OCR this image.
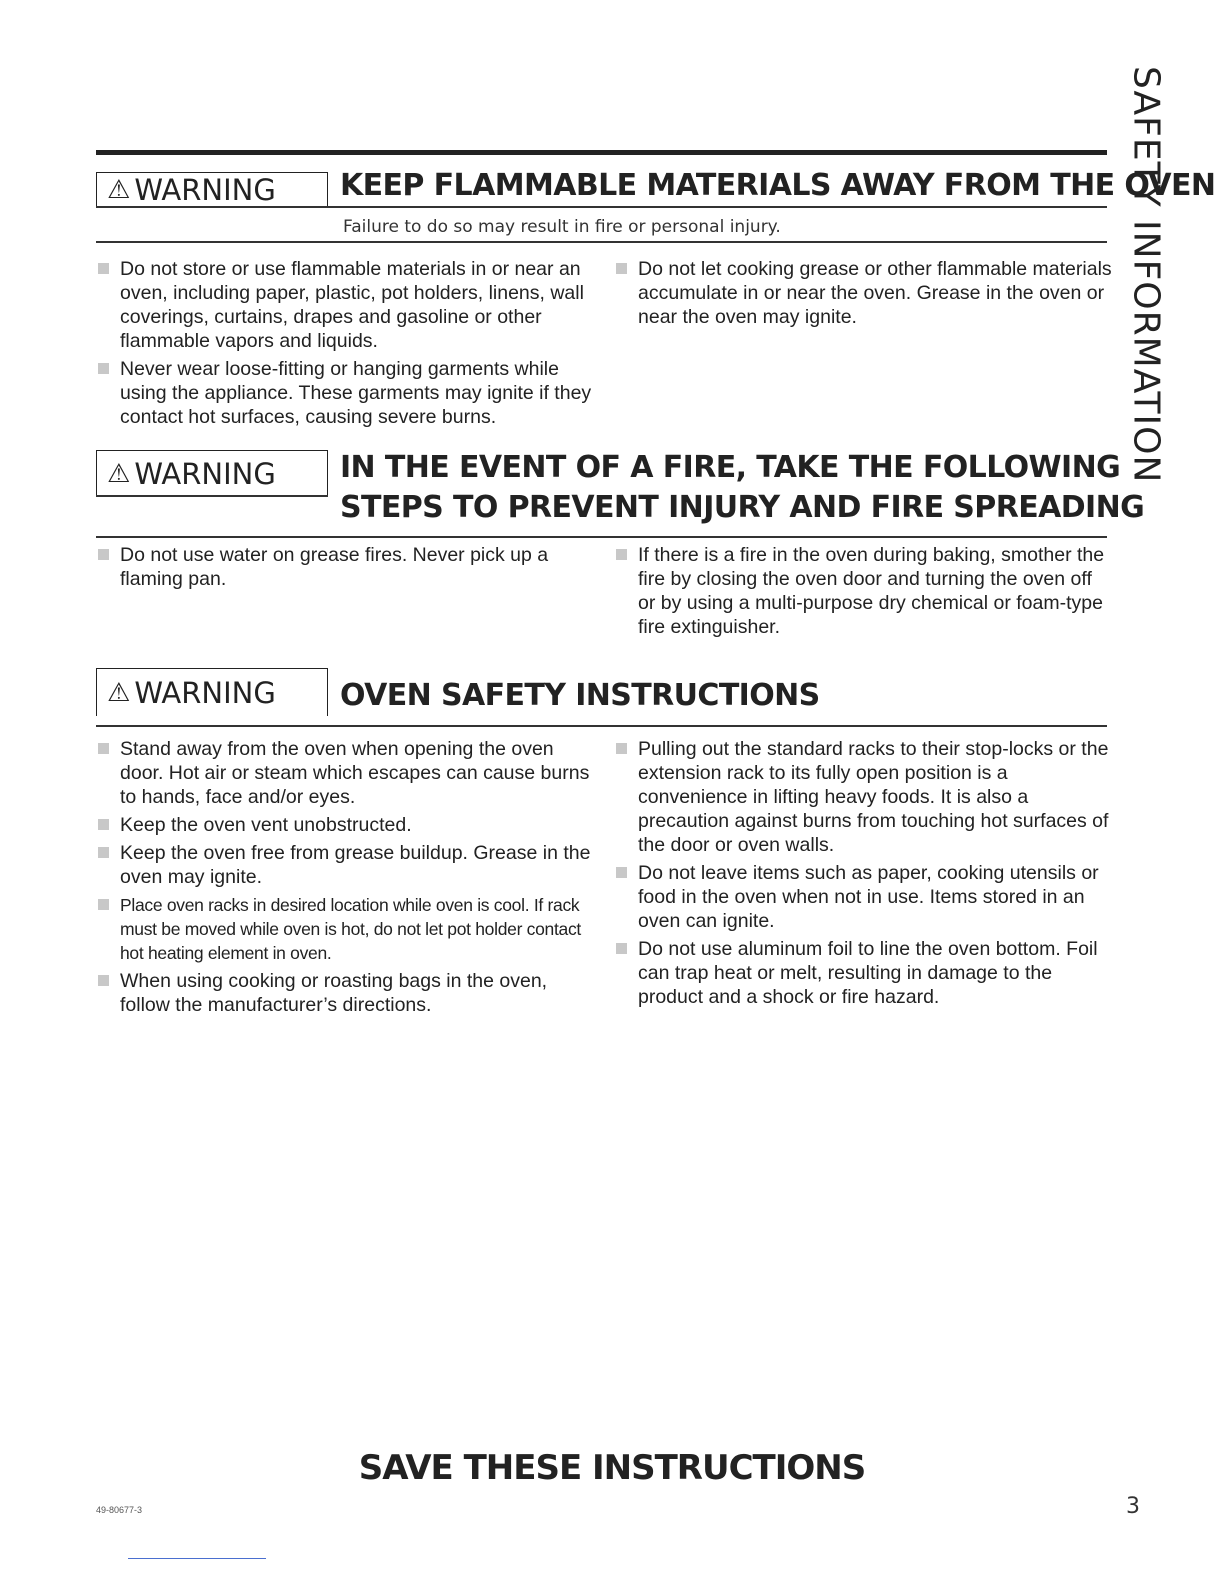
SAFETY INFORMATION
⚠ WARNING KEEP FLAMMABLE MATERIALS AWAY FROM THE OVEN
Failure to do so may result in fire or personal injury.
Do not store or use flammable materials in or near an oven, including paper, plastic, pot holders, linens, wall coverings, curtains, drapes and gasoline or other flammable vapors and liquids.
Never wear loose-fitting or hanging garments while using the appliance. These garments may ignite if they contact hot surfaces, causing severe burns.
Do not let cooking grease or other flammable materials accumulate in or near the oven. Grease in the oven or near the oven may ignite.
⚠ WARNING IN THE EVENT OF A FIRE, TAKE THE FOLLOWING
STEPS TO PREVENT INJURY AND FIRE SPREADING
Do not use water on grease fires. Never pick up a flaming pan.
If there is a fire in the oven during baking, smother the fire by closing the oven door and turning the oven off or by using a multi-purpose dry chemical or foam-type fire extinguisher.
⚠ WARNING OVEN SAFETY INSTRUCTIONS
Stand away from the oven when opening the oven door. Hot air or steam which escapes can cause burns to hands, face and/or eyes.
Keep the oven vent unobstructed.
Keep the oven free from grease buildup. Grease in the oven may ignite.
Place oven racks in desired location while oven is cool. If rack must be moved while oven is hot, do not let pot holder contact hot heating element in oven.
When using cooking or roasting bags in the oven, follow the manufacturer’s directions.
Pulling out the standard racks to their stop-locks or the extension rack to its fully open position is a convenience in lifting heavy foods. It is also a precaution against burns from touching hot surfaces of the door or oven walls.
Do not leave items such as paper, cooking utensils or food in the oven when not in use. Items stored in an oven can ignite.
Do not use aluminum foil to line the oven bottom. Foil can trap heat or melt, resulting in damage to the product and a shock or fire hazard.
SAVE THESE INSTRUCTIONS
49-80677-3	3
